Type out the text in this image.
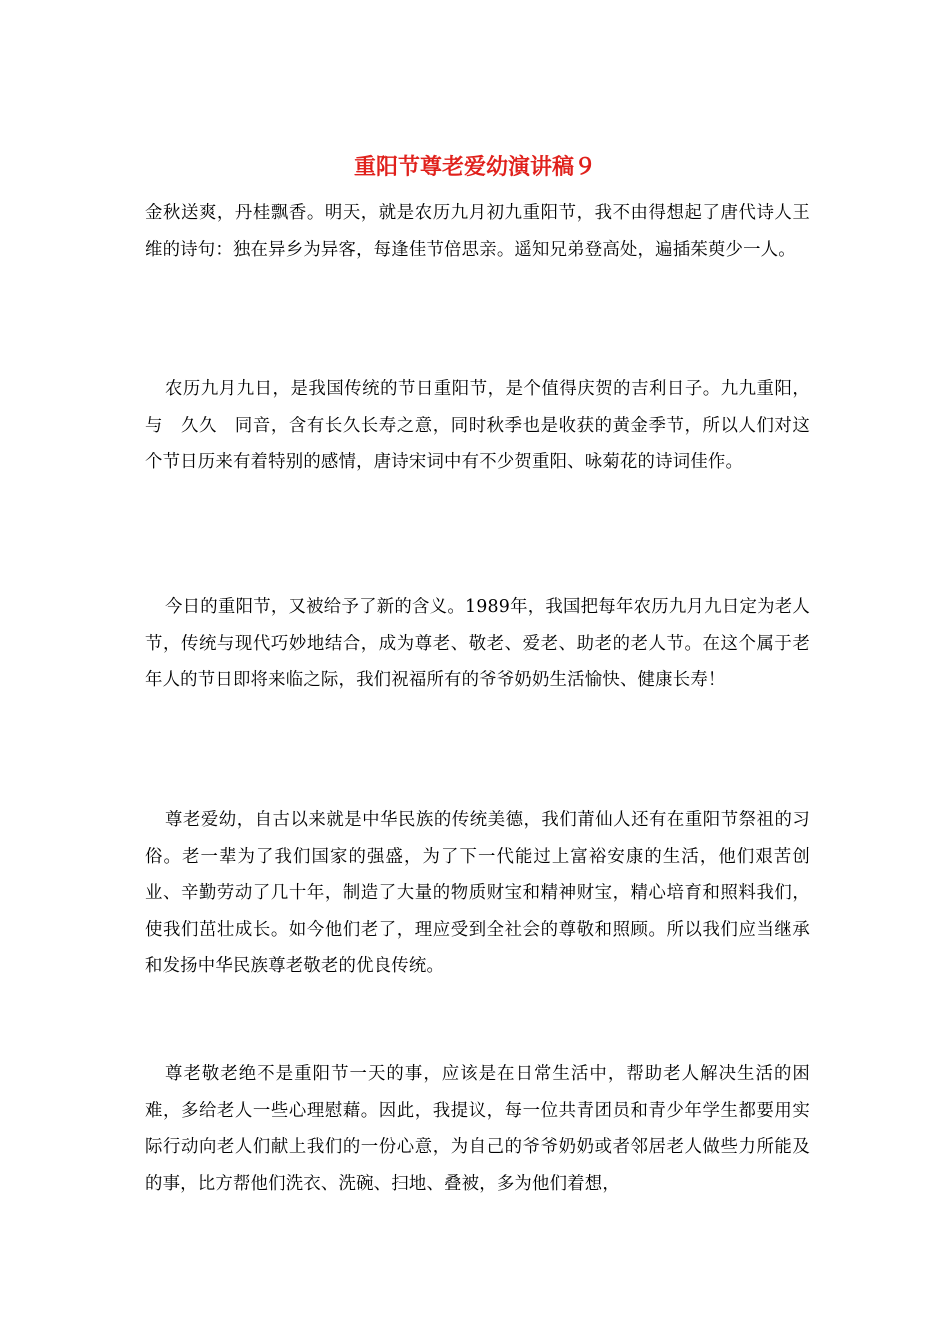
重阳节尊老爱幼演讲稿９
金秋送爽，丹桂飘香。明天，就是农历九月初九重阳节，我不由得想起了唐代诗人王维的诗句：独在异乡为异客，每逢佳节倍思亲。遥知兄弟登高处，遍插茱萸少一人。
农历九月九日，是我国传统的节日重阳节，是个值得庆贺的吉利日子。九九重阳，与　久久　同音，含有长久长寿之意，同时秋季也是收获的黄金季节，所以人们对这个节日历来有着特别的感情，唐诗宋词中有不少贺重阳、咏菊花的诗词佳作。
今日的重阳节，又被给予了新的含义。1989年，我国把每年农历九月九日定为老人节，传统与现代巧妙地结合，成为尊老、敬老、爱老、助老的老人节。在这个属于老年人的节日即将来临之际，我们祝福所有的爷爷奶奶生活愉快、健康长寿！
尊老爱幼，自古以来就是中华民族的传统美德，我们莆仙人还有在重阳节祭祖的习俗。老一辈为了我们国家的强盛，为了下一代能过上富裕安康的生活，他们艰苦创业、辛勤劳动了几十年，制造了大量的物质财宝和精神财宝，精心培育和照料我们，使我们茁壮成长。如今他们老了，理应受到全社会的尊敬和照顾。所以我们应当继承和发扬中华民族尊老敬老的优良传统。
尊老敬老绝不是重阳节一天的事，应该是在日常生活中，帮助老人解决生活的困难，多给老人一些心理慰藉。因此，我提议，每一位共青团员和青少年学生都要用实际行动向老人们献上我们的一份心意，为自己的爷爷奶奶或者邻居老人做些力所能及的事，比方帮他们洗衣、洗碗、扫地、叠被，多为他们着想，
